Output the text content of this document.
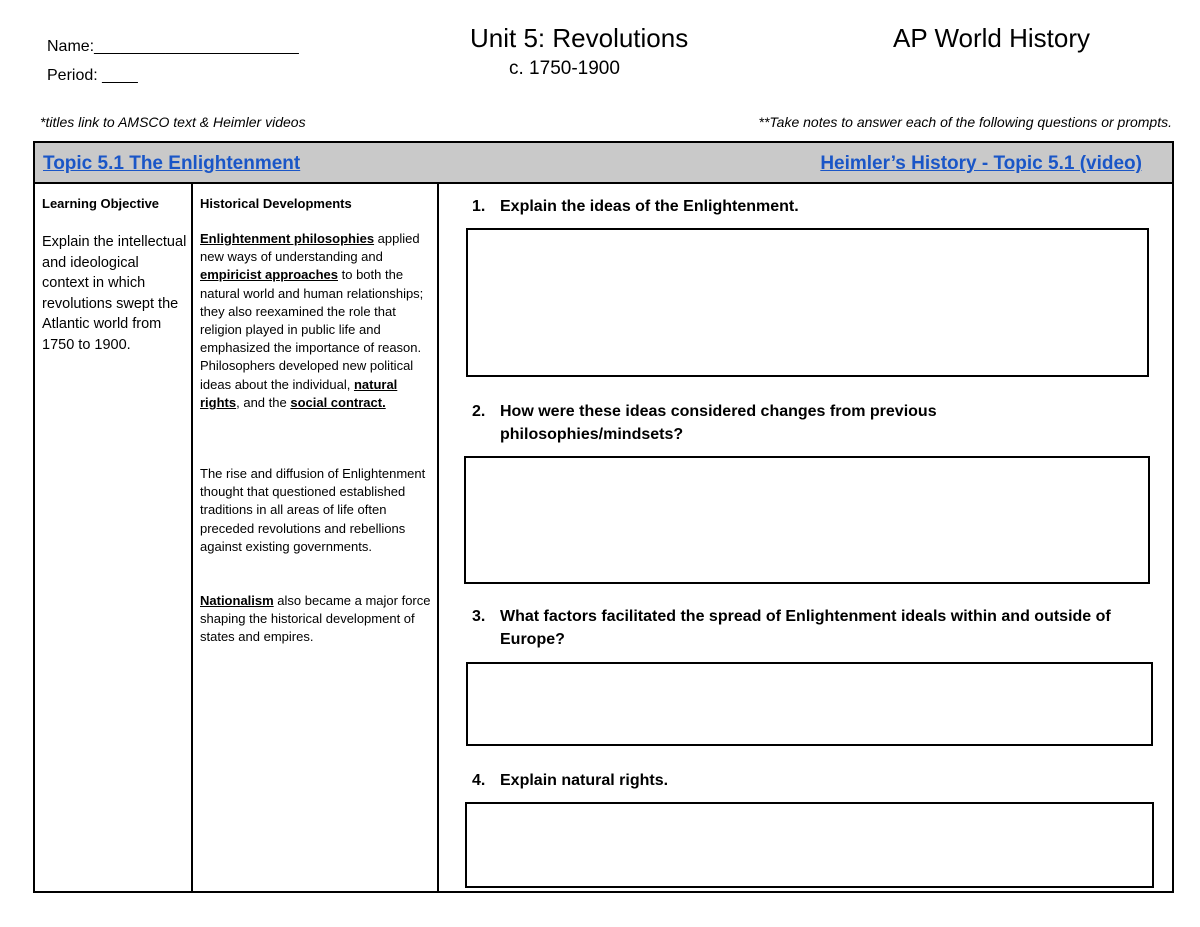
Name:_______________________
Period: ____
Unit 5: Revolutions
c. 1750-1900
AP World History
*titles link to AMSCO text & Heimler videos	**Take notes to answer each of the following questions or prompts.
Topic 5.1 The Enlightenment	Heimler’s History - Topic 5.1 (video)
Learning Objective
Explain the intellectual and ideological context in which revolutions swept the Atlantic world from 1750 to 1900.
Historical Developments
Enlightenment philosophies applied new ways of understanding and empiricist approaches to both the natural world and human relationships; they also reexamined the role that religion played in public life and emphasized the importance of reason. Philosophers developed new political ideas about the individual, natural rights, and the social contract.
The rise and diffusion of Enlightenment thought that questioned established traditions in all areas of life often preceded revolutions and rebellions against existing governments.
Nationalism also became a major force shaping the historical development of states and empires.
1. Explain the ideas of the Enlightenment.
2. How were these ideas considered changes from previous philosophies/mindsets?
3. What factors facilitated the spread of Enlightenment ideals within and outside of Europe?
4. Explain natural rights.
